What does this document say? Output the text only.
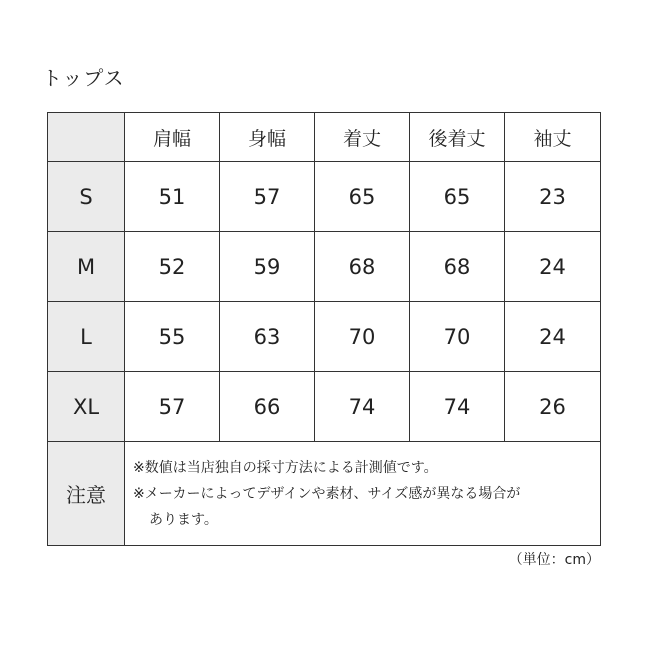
トップス
	肩幅	身幅	着丈	後着丈	袖丈
S	51	57	65	65	23
M	52	59	68	68	24
L	55	63	70	70	24
XL	57	66	74	74	26
注意	※数値は当店独自の採寸方法による計測値です。
※メーカーによってデザインや素材、サイズ感が異なる場合が
あります。				
（単位：cm）
